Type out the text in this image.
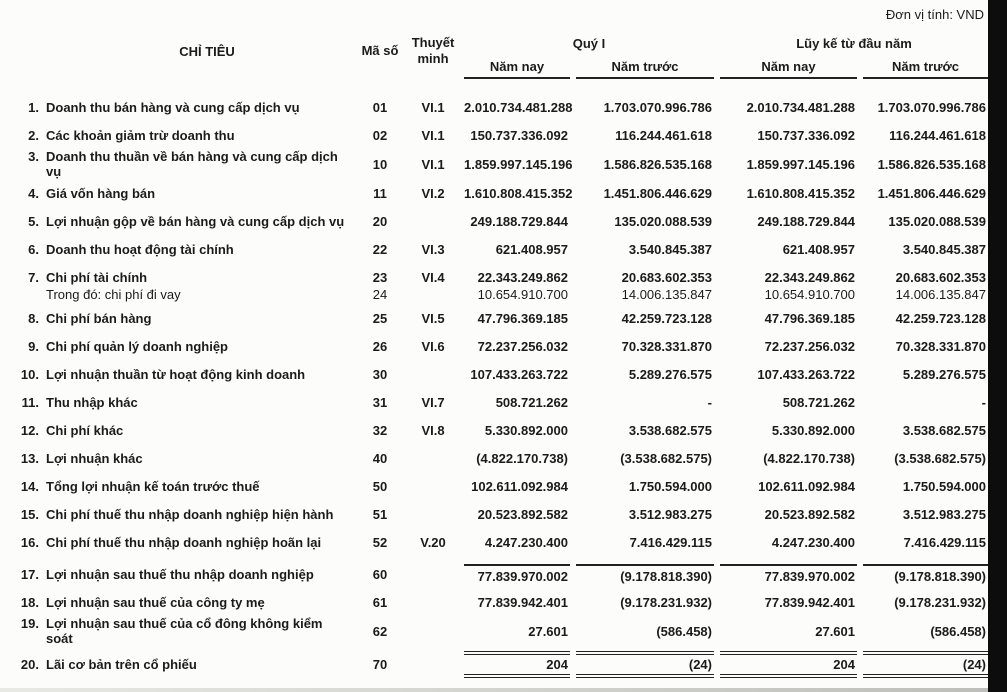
Đơn vị tính: VND
CHỈ TIÊU	Mã số
Thuyết minh
Quý I	Lũy kế từ đầu năm
Năm nay	Năm trước	Năm nay	Năm trước
1. Doanh thu bán hàng và cung cấp dịch vụ	01	VI.1	2.010.734.481.288	1.703.070.996.786	2.010.734.481.288	1.703.070.996.786
2. Các khoản giảm trừ doanh thu	02	VI.1	150.737.336.092	116.244.461.618	150.737.336.092	116.244.461.618
3. Doanh thu thuần về bán hàng và cung cấp dịch vụ	10	VI.1	1.859.997.145.196	1.586.826.535.168	1.859.997.145.196	1.586.826.535.168
4. Giá vốn hàng bán	11	VI.2	1.610.808.415.352	1.451.806.446.629	1.610.808.415.352	1.451.806.446.629
5. Lợi nhuận gộp về bán hàng và cung cấp dịch vụ	20	249.188.729.844	135.020.088.539	249.188.729.844	135.020.088.539
6. Doanh thu hoạt động tài chính	22	VI.3	621.408.957	3.540.845.387	621.408.957	3.540.845.387
7. Chi phí tài chính	23	VI.4	22.343.249.862	20.683.602.353	22.343.249.862	20.683.602.353
Trong đó: chi phí đi vay	24	10.654.910.700	14.006.135.847	10.654.910.700	14.006.135.847
8. Chi phí bán hàng	25	VI.5	47.796.369.185	42.259.723.128	47.796.369.185	42.259.723.128
9. Chi phí quản lý doanh nghiệp	26	VI.6	72.237.256.032	70.328.331.870	72.237.256.032	70.328.331.870
10. Lợi nhuận thuần từ hoạt động kinh doanh	30	107.433.263.722	5.289.276.575	107.433.263.722	5.289.276.575
11. Thu nhập khác	31	VI.7	508.721.262	-	508.721.262	-
12. Chi phí khác	32	VI.8	5.330.892.000	3.538.682.575	5.330.892.000	3.538.682.575
13. Lợi nhuận khác	40	(4.822.170.738)	(3.538.682.575)	(4.822.170.738)	(3.538.682.575)
14. Tổng lợi nhuận kế toán trước thuế	50	102.611.092.984	1.750.594.000	102.611.092.984	1.750.594.000
15. Chi phí thuế thu nhập doanh nghiệp hiện hành	51	20.523.892.582	3.512.983.275	20.523.892.582	3.512.983.275
16. Chi phí thuế thu nhập doanh nghiệp hoãn lại	52	V.20	4.247.230.400	7.416.429.115	4.247.230.400	7.416.429.115
17. Lợi nhuận sau thuế thu nhập doanh nghiệp	60	77.839.970.002	(9.178.818.390)	77.839.970.002	(9.178.818.390)
18. Lợi nhuận sau thuế của công ty mẹ	61	77.839.942.401	(9.178.231.932)	77.839.942.401	(9.178.231.932)
19. Lợi nhuận sau thuế của cổ đông không kiểm soát	62	27.601	(586.458)	27.601	(586.458)
20. Lãi cơ bản trên cổ phiếu	70	204	(24)	204	(24)
